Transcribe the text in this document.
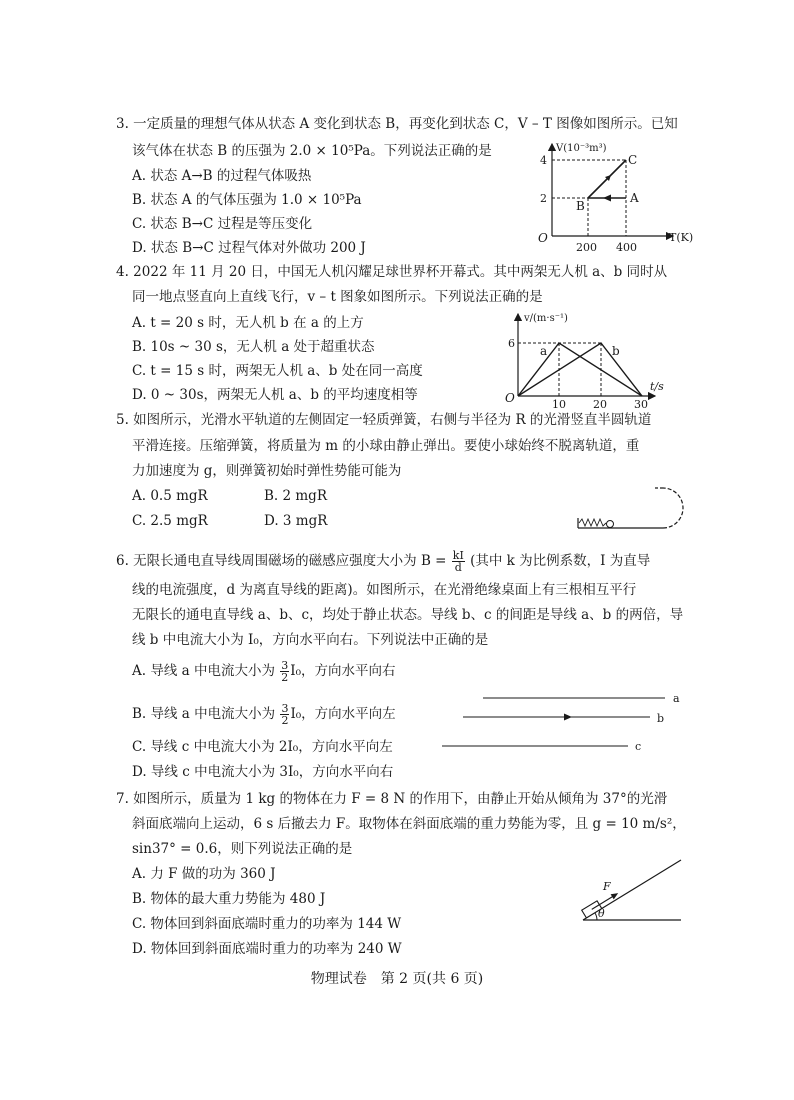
3. 一定质量的理想气体从状态 A 变化到状态 B，再变化到状态 C，V – T 图像如图所示。已知
该气体在状态 B 的压强为 2.0 × 10⁵Pa。下列说法正确的是
A. 状态 A→B 的过程气体吸热
B. 状态 A 的气体压强为 1.0 × 10⁵Pa
C. 状态 B→C 过程是等压变化
D. 状态 B→C 过程气体对外做功 200 J
V(10⁻³m³)
T(K)
O
4
2
200 400
A
B
C
4. 2022 年 11 月 20 日，中国无人机闪耀足球世界杯开幕式。其中两架无人机 a、b 同时从
同一地点竖直向上直线飞行，v – t 图象如图所示。下列说法正确的是
A. t = 20 s 时，无人机 b 在 a 的上方
B. 10s ~ 30 s，无人机 a 处于超重状态
C. t = 15 s 时，两架无人机 a、b 处在同一高度
D. 0 ~ 30s，两架无人机 a、b 的平均速度相等
v/(m·s⁻¹)
t/s
O
6
10 20 30
a	b
5. 如图所示，光滑水平轨道的左侧固定一轻质弹簧，右侧与半径为 R 的光滑竖直半圆轨道
平滑连接。压缩弹簧，将质量为 m 的小球由静止弹出。要使小球始终不脱离轨道，重
力加速度为 g，则弹簧初始时弹性势能可能为
A. 0.5 mgR	B. 2 mgR
C. 2.5 mgR	D. 3 mgR
6. 无限长通电直导线周围磁场的磁感应强度大小为 $B = \frac{kI}{d}$ (其中 k 为比例系数，I 为直导
线的电流强度，d 为离直导线的距离)。如图所示，在光滑绝缘桌面上有三根相互平行
无限长的通电直导线 a、b、c，均处于静止状态。导线 b、c 的间距是导线 a、b 的两倍，导
线 b 中电流大小为 I₀，方向水平向右。下列说法中正确的是
A. 导线 a 中电流大小为 $\frac{3}{2} I_0$，方向水平向右
B. 导线 a 中电流大小为 $\frac{3}{2} I_0$，方向水平向左
C. 导线 c 中电流大小为 2I₀，方向水平向左
D. 导线 c 中电流大小为 3I₀，方向水平向右
a
b
c
7. 如图所示，质量为 1 kg 的物体在力 F = 8 N 的作用下，由静止开始从倾角为 37°的光滑
斜面底端向上运动，6 s 后撤去力 F。取物体在斜面底端的重力势能为零，且 g = 10 m/s²，
sin37° = 0.6，则下列说法正确的是
A. 力 F 做的功为 360 J
B. 物体的最大重力势能为 480 J
C. 物体回到斜面底端时重力的功率为 144 W
D. 物体回到斜面底端时重力的功率为 240 W
F
θ
物理试卷　第 2 页(共 6 页)
